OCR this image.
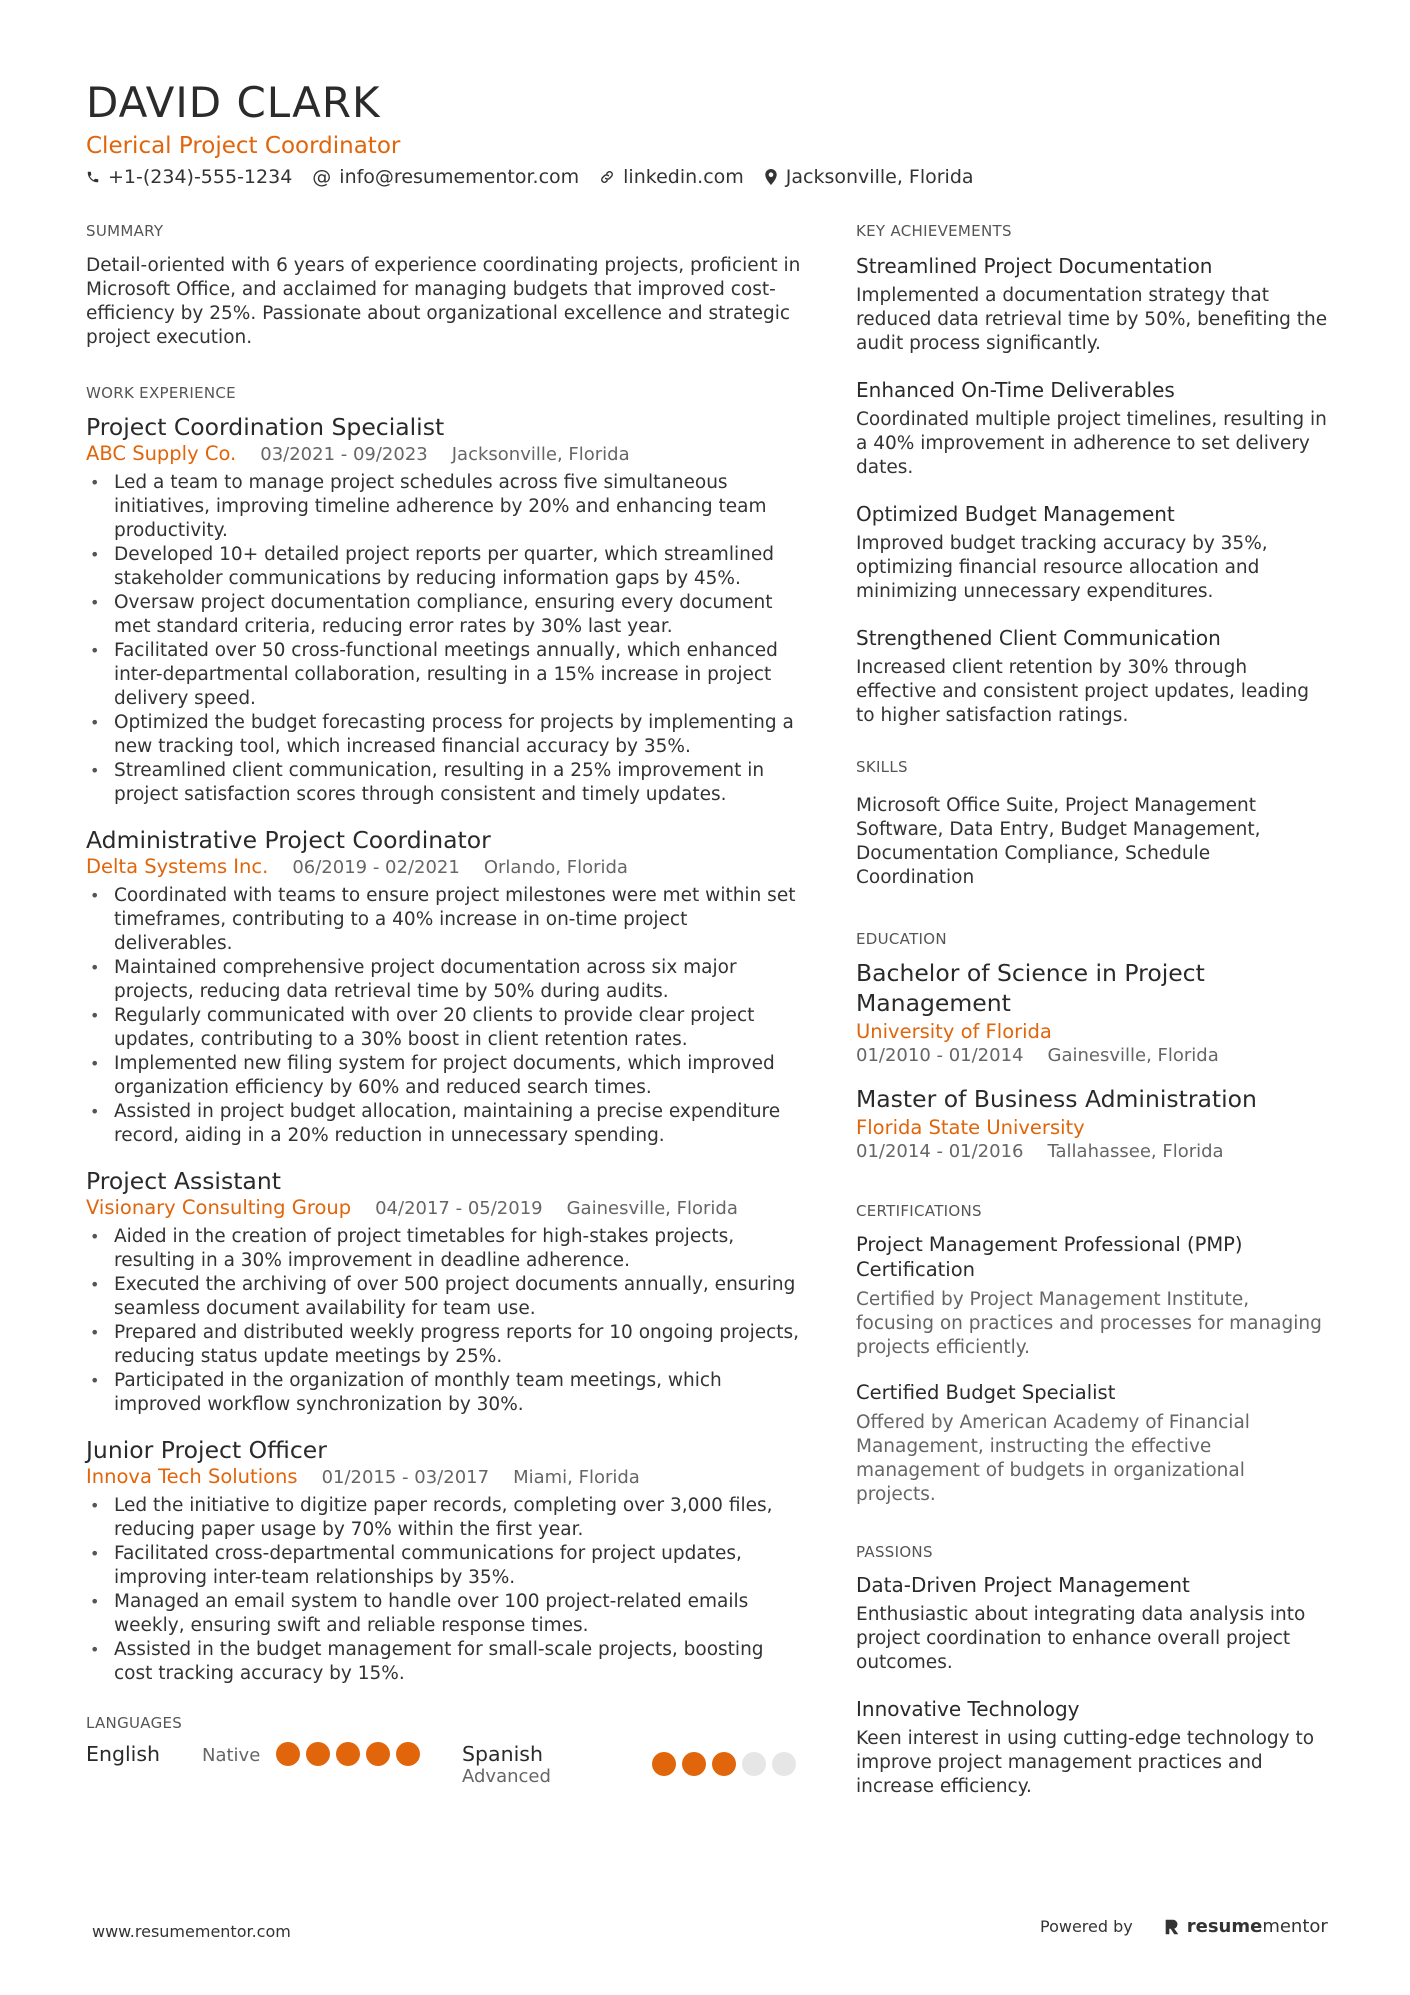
DAVID CLARK
Clerical Project Coordinator
+1-(234)-555-1234 @ info@resumementor.com linkedin.com Jacksonville, Florida
SUMMARY

Detail-oriented with 6 years of experience coordinating projects, proficient in Microsoft Office, and acclaimed for managing budgets that improved cost-efficiency by 25%. Passionate about organizational excellence and strategic project execution.

WORK EXPERIENCE
Project Coordination Specialist
ABC Supply Co. 03/2021 - 09/2023 Jacksonville, Florida
• Led a team to manage project schedules across five simultaneous initiatives, improving timeline adherence by 20% and enhancing team productivity.
• Developed 10+ detailed project reports per quarter, which streamlined stakeholder communications by reducing information gaps by 45%.
• Oversaw project documentation compliance, ensuring every document met standard criteria, reducing error rates by 30% last year.
• Facilitated over 50 cross-functional meetings annually, which enhanced inter-departmental collaboration, resulting in a 15% increase in project delivery speed.
• Optimized the budget forecasting process for projects by implementing a new tracking tool, which increased financial accuracy by 35%.
• Streamlined client communication, resulting in a 25% improvement in project satisfaction scores through consistent and timely updates.
Administrative Project Coordinator
Delta Systems Inc. 06/2019 - 02/2021 Orlando, Florida
• Coordinated with teams to ensure project milestones were met within set timeframes, contributing to a 40% increase in on-time project deliverables.
• Maintained comprehensive project documentation across six major projects, reducing data retrieval time by 50% during audits.
• Regularly communicated with over 20 clients to provide clear project updates, contributing to a 30% boost in client retention rates.
• Implemented new filing system for project documents, which improved organization efficiency by 60% and reduced search times.
• Assisted in project budget allocation, maintaining a precise expenditure record, aiding in a 20% reduction in unnecessary spending.
Project Assistant
Visionary Consulting Group 04/2017 - 05/2019 Gainesville, Florida
• Aided in the creation of project timetables for high-stakes projects, resulting in a 30% improvement in deadline adherence.
• Executed the archiving of over 500 project documents annually, ensuring seamless document availability for team use.
• Prepared and distributed weekly progress reports for 10 ongoing projects, reducing status update meetings by 25%.
• Participated in the organization of monthly team meetings, which improved workflow synchronization by 30%.
Junior Project Officer
Innova Tech Solutions 01/2015 - 03/2017 Miami, Florida
• Led the initiative to digitize paper records, completing over 3,000 files, reducing paper usage by 70% within the first year.
• Facilitated cross-departmental communications for project updates, improving inter-team relationships by 35%.
• Managed an email system to handle over 100 project-related emails weekly, ensuring swift and reliable response times.
• Assisted in the budget management for small-scale projects, boosting cost tracking accuracy by 15%.
LANGUAGES
English	Native	Spanish
Advanced
KEY ACHIEVEMENTS
Streamlined Project Documentation

Implemented a documentation strategy that reduced data retrieval time by 50%, benefiting the audit process significantly.

Enhanced On-Time Deliverables

Coordinated multiple project timelines, resulting in a 40% improvement in adherence to set delivery dates.

Optimized Budget Management

Improved budget tracking accuracy by 35%, optimizing financial resource allocation and minimizing unnecessary expenditures.

Strengthened Client Communication

Increased client retention by 30% through effective and consistent project updates, leading to higher satisfaction ratings.

SKILLS

Microsoft Office Suite, Project Management Software, Data Entry, Budget Management, Documentation Compliance, Schedule Coordination

EDUCATION
Bachelor of Science in Project Management
University of Florida
01/2010 - 01/2014 Gainesville, Florida
Master of Business Administration
Florida State University
01/2014 - 01/2016 Tallahassee, Florida
CERTIFICATIONS
Project Management Professional (PMP) Certification

Certified by Project Management Institute, focusing on practices and processes for managing projects efficiently.

Certified Budget Specialist

Offered by American Academy of Financial Management, instructing the effective management of budgets in organizational projects.

PASSIONS
Data-Driven Project Management

Enthusiastic about integrating data analysis into project coordination to enhance overall project outcomes.

Innovative Technology

Keen interest in using cutting-edge technology to improve project management practices and increase efficiency.

www.resumementor.com	Powered by	resume mentor
